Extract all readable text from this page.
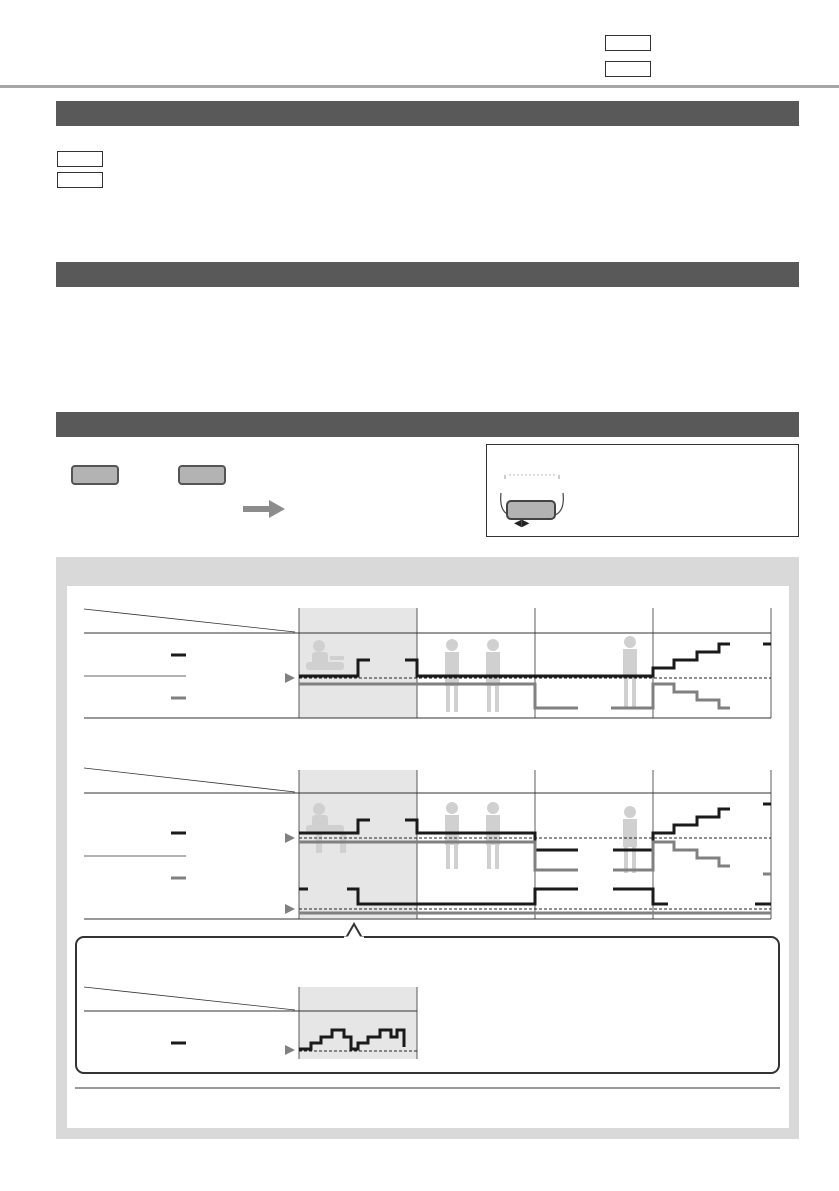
◀▶
